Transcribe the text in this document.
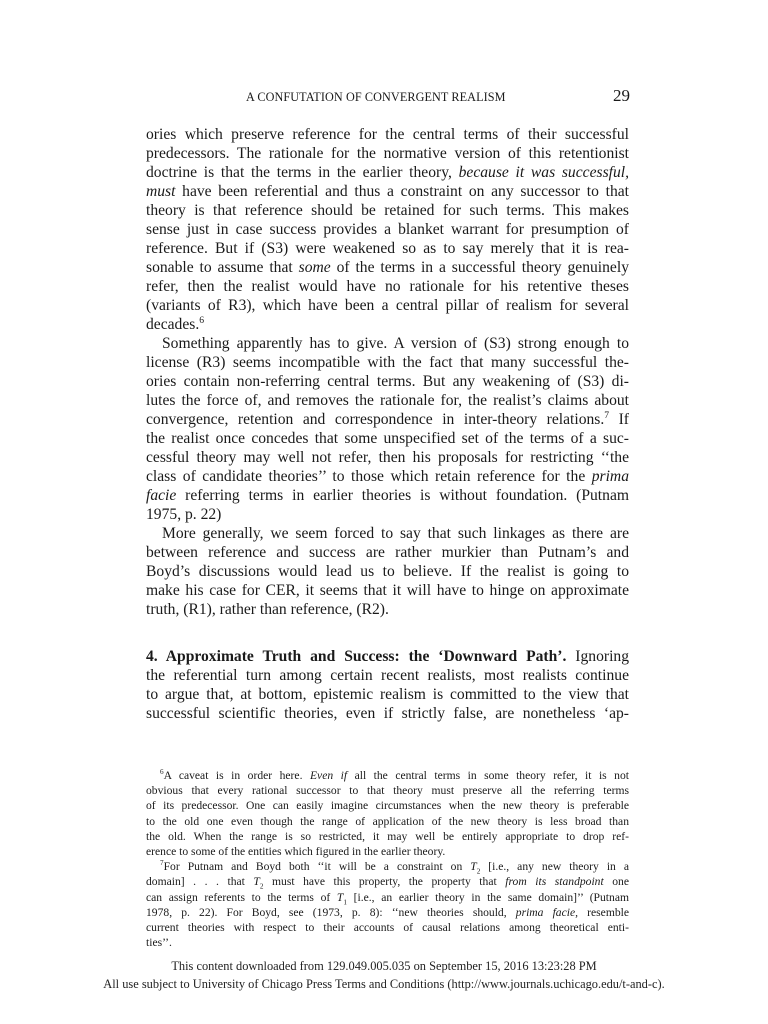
A CONFUTATION OF CONVERGENT REALISM	29
ories which preserve reference for the central terms of their successful
predecessors. The rationale for the normative version of this retentionist
doctrine is that the terms in the earlier theory, because it was successful,
must have been referential and thus a constraint on any successor to that
theory is that reference should be retained for such terms. This makes
sense just in case success provides a blanket warrant for presumption of
reference. But if (S3) were weakened so as to say merely that it is rea-
sonable to assume that some of the terms in a successful theory genuinely
refer, then the realist would have no rationale for his retentive theses
(variants of R3), which have been a central pillar of realism for several
decades.$^6$
Something apparently has to give. A version of (S3) strong enough to
license (R3) seems incompatible with the fact that many successful the-
ories contain non-referring central terms. But any weakening of (S3) di-
lutes the force of, and removes the rationale for, the realist’s claims about
convergence, retention and correspondence in inter-theory relations.$^7$ If
the realist once concedes that some unspecified set of the terms of a suc-
cessful theory may well not refer, then his proposals for restricting ‘‘the
class of candidate theories’’ to those which retain reference for the prima
facie referring terms in earlier theories is without foundation. (Putnam
1975, p. 22)
More generally, we seem forced to say that such linkages as there are
between reference and success are rather murkier than Putnam’s and
Boyd’s discussions would lead us to believe. If the realist is going to
make his case for CER, it seems that it will have to hinge on approximate
truth, (R1), rather than reference, (R2).
4. Approximate Truth and Success: the ‘Downward Path’. Ignoring
the referential turn among certain recent realists, most realists continue
to argue that, at bottom, epistemic realism is committed to the view that
successful scientific theories, even if strictly false, are nonetheless ‘ap-
$^6$A caveat is in order here. Even if all the central terms in some theory refer, it is not
obvious that every rational successor to that theory must preserve all the referring terms
of its predecessor. One can easily imagine circumstances when the new theory is preferable
to the old one even though the range of application of the new theory is less broad than
the old. When the range is so restricted, it may well be entirely appropriate to drop ref-
erence to some of the entities which figured in the earlier theory.
$^7$For Putnam and Boyd both ‘‘it will be a constraint on $T_2$ [i.e., any new theory in a
domain] . . . that $T_2$ must have this property, the property that from its standpoint one
can assign referents to the terms of $T_1$ [i.e., an earlier theory in the same domain]’’ (Putnam
1978, p. 22). For Boyd, see (1973, p. 8): ‘‘new theories should, prima facie, resemble
current theories with respect to their accounts of causal relations among theoretical enti-
ties’’.
This content downloaded from 129.049.005.035 on September 15, 2016 13:23:28 PM
All use subject to University of Chicago Press Terms and Conditions (http://www.journals.uchicago.edu/t-and-c).
